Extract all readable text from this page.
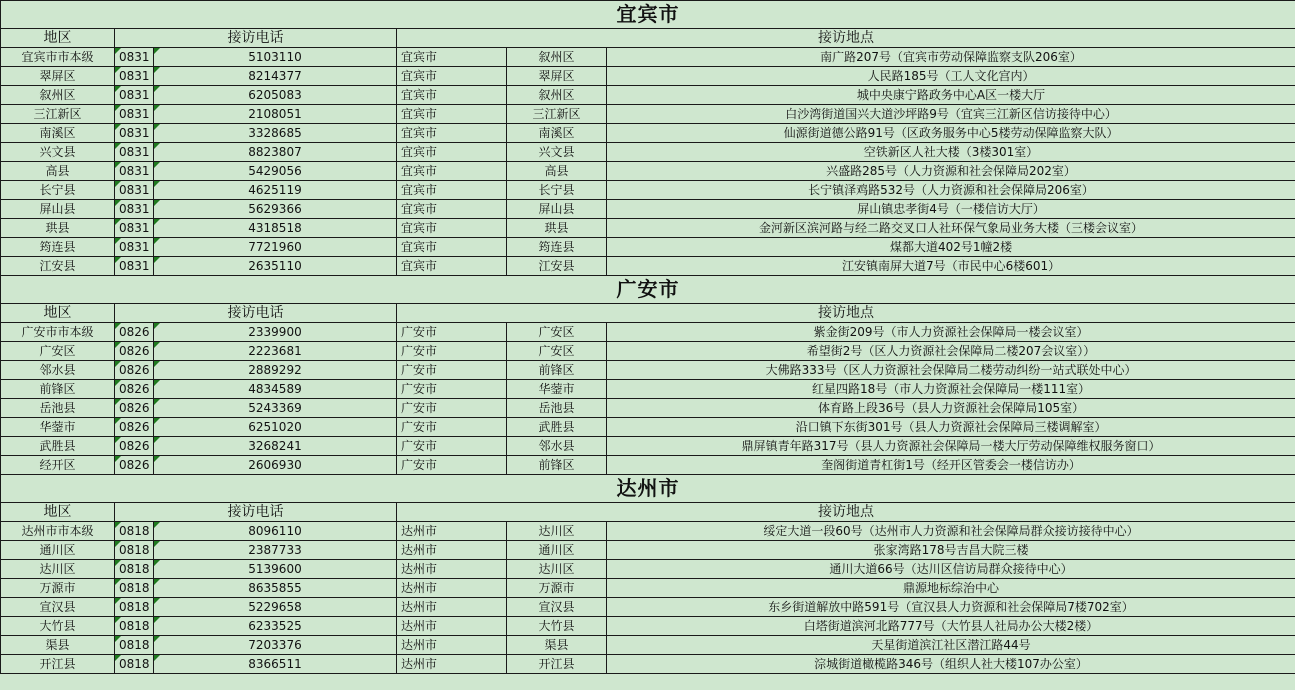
宜宾市					
地区	接访电话		接访地点		
宜宾市市本级	0831	5103110	宜宾市	叙州区	南广路207号（宜宾市劳动保障监察支队206室）
翠屏区	0831	8214377	宜宾市	翠屏区	人民路185号（工人文化宫内）
叙州区	0831	6205083	宜宾市	叙州区	城中央康宁路政务中心A区一楼大厅
三江新区	0831	2108051	宜宾市	三江新区	白沙湾街道国兴大道沙坪路9号（宜宾三江新区信访接待中心）
南溪区	0831	3328685	宜宾市	南溪区	仙源街道德公路91号（区政务服务中心5楼劳动保障监察大队）
兴文县	0831	8823807	宜宾市	兴文县	空铁新区人社大楼（3楼301室）
高县	0831	5429056	宜宾市	高县	兴盛路285号（人力资源和社会保障局202室）
长宁县	0831	4625119	宜宾市	长宁县	长宁镇泽鸡路532号（人力资源和社会保障局206室）
屏山县	0831	5629366	宜宾市	屏山县	屏山镇忠孝街4号（一楼信访大厅）
珙县	0831	4318518	宜宾市	珙县	金河新区滨河路与经二路交叉口人社环保气象局业务大楼（三楼会议室）
筠连县	0831	7721960	宜宾市	筠连县	煤都大道402号1幢2楼
江安县	0831	2635110	宜宾市	江安县	江安镇南屏大道7号（市民中心6楼601）
广安市					
地区	接访电话		接访地点		
广安市市本级	0826	2339900	广安市	广安区	紫金街209号（市人力资源社会保障局一楼会议室）
广安区	0826	2223681	广安市	广安区	希望街2号（区人力资源社会保障局二楼207会议室））
邻水县	0826	2889292	广安市	前锋区	大佛路333号（区人力资源社会保障局二楼劳动纠纷一站式联处中心）
前锋区	0826	4834589	广安市	华蓥市	红星四路18号（市人力资源社会保障局一楼111室）
岳池县	0826	5243369	广安市	岳池县	体育路上段36号（县人力资源社会保障局105室）
华蓥市	0826	6251020	广安市	武胜县	沿口镇下东街301号（县人力资源社会保障局三楼调解室）
武胜县	0826	3268241	广安市	邻水县	鼎屏镇青年路317号（县人力资源社会保障局一楼大厅劳动保障维权服务窗口）
经开区	0826	2606930	广安市	前锋区	奎阁街道青杠街1号（经开区管委会一楼信访办）
达州市					
地区	接访电话		接访地点		
达州市市本级	0818	8096110	达州市	达川区	绥定大道一段60号（达州市人力资源和社会保障局群众接访接待中心）
通川区	0818	2387733	达州市	通川区	张家湾路178号吉昌大院三楼
达川区	0818	5139600	达州市	达川区	通川大道66号（达川区信访局群众接待中心）
万源市	0818	8635855	达州市	万源市	鼎源地标综治中心
宣汉县	0818	5229658	达州市	宣汉县	东乡街道解放中路591号（宣汉县人力资源和社会保障局7楼702室）
大竹县	0818	6233525	达州市	大竹县	白塔街道滨河北路777号（大竹县人社局办公大楼2楼）
渠县	0818	7203376	达州市	渠县	天星街道滨江社区潜江路44号
开江县	0818	8366511	达州市	开江县	淙城街道橄榄路346号（组织人社大楼107办公室）
